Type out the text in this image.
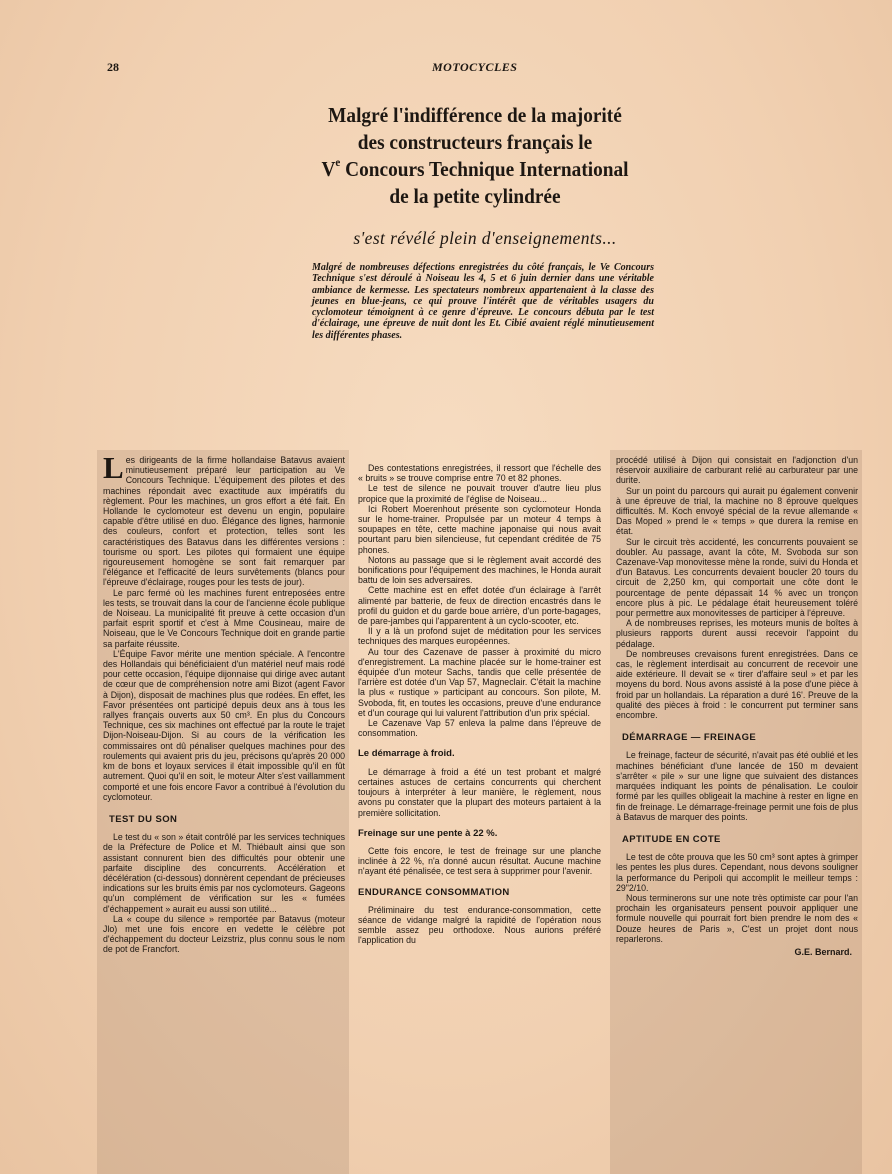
28	MOTOCYCLES
Malgré l'indifférence de la majorité
des constructeurs français le
Ve Concours Technique International
de la petite cylindrée
s'est révélé plein d'enseignements...
Malgré de nombreuses défections enregistrées du côté français, le Ve Concours Technique s'est déroulé à Noiseau les 4, 5 et 6 juin dernier dans une véritable ambiance de kermesse. Les spectateurs nombreux appartenaient à la classe des jeunes en blue-jeans, ce qui prouve l'intérêt que de véritables usagers du cyclomoteur témoignent à ce genre d'épreuve. Le concours débuta par le test d'éclairage, une épreuve de nuit dont les Et. Cibié avaient réglé minutieusement les différentes phases.

Les dirigeants de la firme hollandaise Batavus avaient minutieusement préparé leur participation au Ve Concours Technique. L'équipement des pilotes et des machines répondait avec exactitude aux impératifs du règlement. Pour les machines, un gros effort a été fait. En Hollande le cyclomoteur est devenu un engin, populaire capable d'être utilisé en duo. Élégance des lignes, harmonie des couleurs, confort et protection, telles sont les caractéristiques des Batavus dans les différentes versions : tourisme ou sport. Les pilotes qui formaient une équipe rigoureusement homogène se sont fait remarquer par l'élégance et l'efficacité de leurs survêtements (blancs pour l'épreuve d'éclairage, rouges pour les tests de jour).

Le parc fermé où les machines furent entreposées entre les tests, se trouvait dans la cour de l'ancienne école publique de Noiseau. La municipalité fit preuve à cette occasion d'un parfait esprit sportif et c'est à Mme Cousineau, maire de Noiseau, que le Ve Concours Technique doit en grande partie sa parfaite réussite.

L'Équipe Favor mérite une mention spéciale. A l'encontre des Hollandais qui bénéficiaient d'un matériel neuf mais rodé pour cette occasion, l'équipe dijonnaise qui dirige avec autant de cœur que de compréhension notre ami Bizot (agent Favor à Dijon), disposait de machines plus que rodées. En effet, les Favor présentées ont participé depuis deux ans à tous les rallyes français ouverts aux 50 cm³. En plus du Concours Technique, ces six machines ont effectué par la route le trajet Dijon-Noiseau-Dijon. Si au cours de la vérification les commissaires ont dû pénaliser quelques machines pour des roulements qui avaient pris du jeu, précisons qu'après 20 000 km de bons et loyaux services il était impossible qu'il en fût autrement. Quoi qu'il en soit, le moteur Alter s'est vaillamment comporté et une fois encore Favor a contribué à l'évolution du cyclomoteur.

TEST DU SON

Le test du « son » était contrôlé par les services techniques de la Préfecture de Police et M. Thiébault ainsi que son assistant connurent bien des difficultés pour obtenir une parfaite discipline des concurrents. Accélération et décélération (ci-dessous) donnèrent cependant de précieuses indications sur les bruits émis par nos cyclomoteurs. Gageons qu'un complément de vérification sur les « fumées d'échappement » aurait eu aussi son utilité...

La « coupe du silence » remportée par Batavus (moteur Jlo) met une fois encore en vedette le célèbre pot d'échappement du docteur Leizstriz, plus connu sous le nom de pot de Francfort.

Des contestations enregistrées, il ressort que l'échelle des « bruits » se trouve comprise entre 70 et 82 phones.

Le test de silence ne pouvait trouver d'autre lieu plus propice que la proximité de l'église de Noiseau...

Ici Robert Moerenhout présente son cyclomoteur Honda sur le home-trainer. Propulsée par un moteur 4 temps à soupapes en tête, cette machine japonaise qui nous avait pourtant paru bien silencieuse, fut cependant créditée de 75 phones.

Notons au passage que si le règlement avait accordé des bonifications pour l'équipement des machines, le Honda aurait battu de loin ses adversaires.

Cette machine est en effet dotée d'un éclairage à l'arrêt alimenté par batterie, de feux de direction encastrés dans le profil du guidon et du garde boue arrière, d'un porte-bagages, de pare-jambes qui l'apparentent à un cyclo-scooter, etc.

Il y a là un profond sujet de méditation pour les services techniques des marques européennes.

Au tour des Cazenave de passer à proximité du micro d'enregistrement. La machine placée sur le home-trainer est équipée d'un moteur Sachs, tandis que celle présentée de l'arrière est dotée d'un Vap 57, Magneclair. C'était la machine la plus « rustique » participant au concours. Son pilote, M. Svoboda, fit, en toutes les occasions, preuve d'une endurance et d'un courage qui lui valurent l'attribution d'un prix spécial.

Le Cazenave Vap 57 enleva la palme dans l'épreuve de consommation.

Le démarrage à froid.

Le démarrage à froid a été un test probant et malgré certaines astuces de certains concurrents qui cherchent toujours à interpréter à leur manière, le règlement, nous avons pu constater que la plupart des moteurs partaient à la première sollicitation.

Freinage sur une pente à 22 %.

Cette fois encore, le test de freinage sur une planche inclinée à 22 %, n'a donné aucun résultat. Aucune machine n'ayant été pénalisée, ce test sera à supprimer pour l'avenir.

ENDURANCE CONSOMMATION

Préliminaire du test endurance-consommation, cette séance de vidange malgré la rapidité de l'opération nous semble assez peu orthodoxe. Nous aurions préféré l'application du

procédé utilisé à Dijon qui consistait en l'adjonction d'un réservoir auxiliaire de carburant relié au carburateur par une durite.

Sur un point du parcours qui aurait pu également convenir à une épreuve de trial, la machine no 8 éprouve quelques difficultés. M. Koch envoyé spécial de la revue allemande « Das Moped » prend le « temps » que durera la remise en état.

Sur le circuit très accidenté, les concurrents pouvaient se doubler. Au passage, avant la côte, M. Svoboda sur son Cazenave-Vap monovitesse mène la ronde, suivi du Honda et d'un Batavus. Les concurrents devaient boucler 20 tours du circuit de 2,250 km, qui comportait une côte dont le pourcentage de pente dépassait 14 % avec un tronçon encore plus à pic. Le pédalage était heureusement toléré pour permettre aux monovitesses de participer à l'épreuve.

A de nombreuses reprises, les moteurs munis de boîtes à plusieurs rapports durent aussi recevoir l'appoint du pédalage.

De nombreuses crevaisons furent enregistrées. Dans ce cas, le règlement interdisait au concurrent de recevoir une aide extérieure. Il devait se « tirer d'affaire seul » et par les moyens du bord. Nous avons assisté à la pose d'une pièce à froid par un hollandais. La réparation a duré 16'. Preuve de la qualité des pièces à froid : le concurrent put terminer sans encombre.

DÉMARRAGE — FREINAGE

Le freinage, facteur de sécurité, n'avait pas été oublié et les machines bénéficiant d'une lancée de 150 m devaient s'arrêter « pile » sur une ligne que suivaient des distances marquées indiquant les points de pénalisation. Le couloir formé par les quilles obligeait la machine à rester en ligne en fin de freinage. Le démarrage-freinage permit une fois de plus à Batavus de marquer des points.

APTITUDE EN COTE

Le test de côte prouva que les 50 cm³ sont aptes à grimper les pentes les plus dures. Cependant, nous devons souligner la performance du Peripoli qui accomplit le meilleur temps : 29"2/10.

Nous terminerons sur une note très optimiste car pour l'an prochain les organisateurs pensent pouvoir appliquer une formule nouvelle qui pourrait fort bien prendre le nom des « Douze heures de Paris », C'est un projet dont nous reparlerons.

G.E. Bernard.
